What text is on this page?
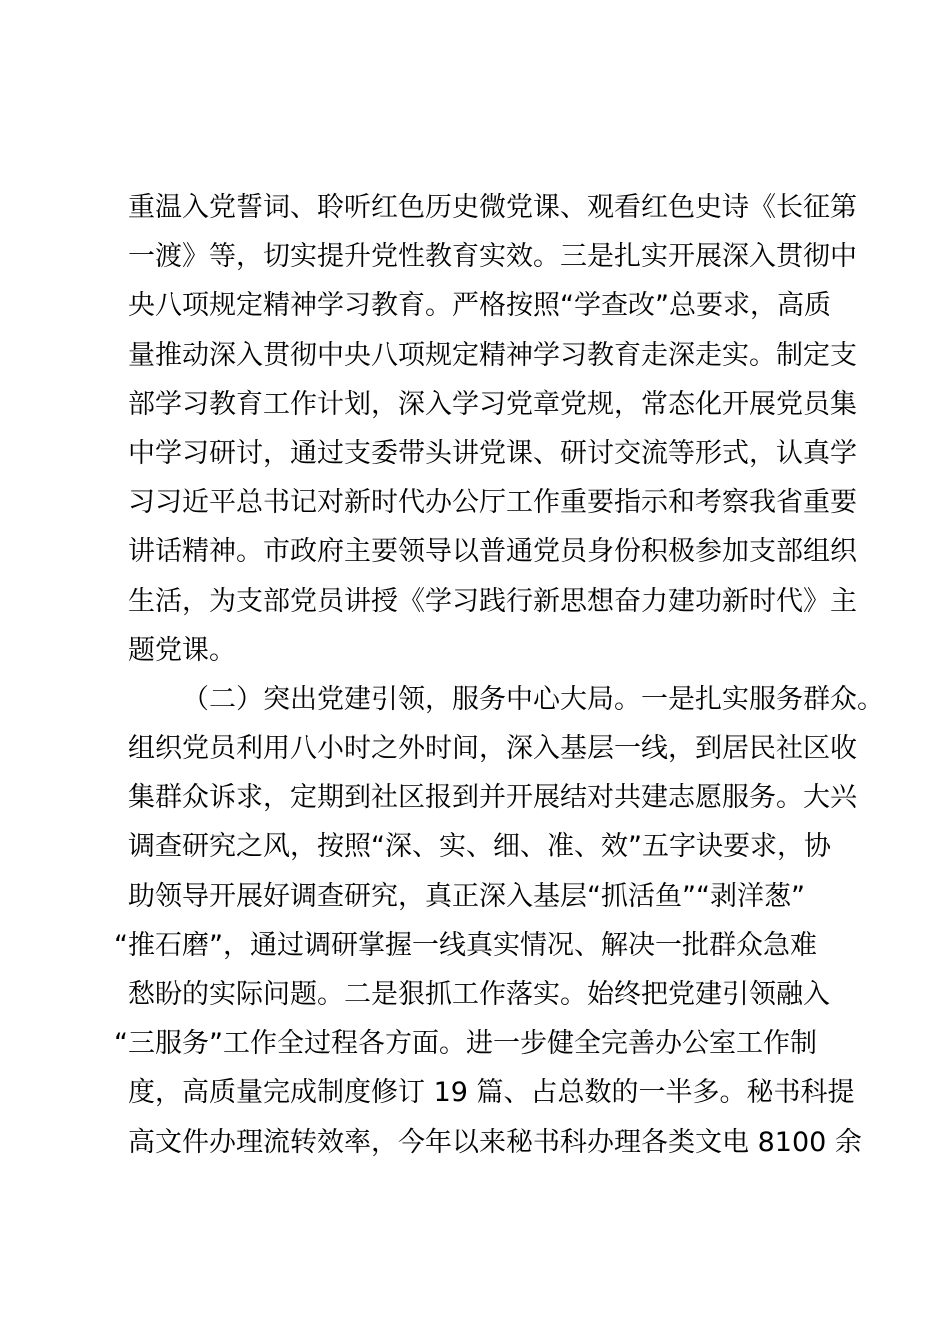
重温入党誓词、聆听红色历史微党课、观看红色史诗《长征第
一渡》等，切实提升党性教育实效。三是扎实开展深入贯彻中
央八项规定精神学习教育。严格按照“学查改”总要求，高质
量推动深入贯彻中央八项规定精神学习教育走深走实。制定支
部学习教育工作计划，深入学习党章党规，常态化开展党员集
中学习研讨，通过支委带头讲党课、研讨交流等形式，认真学
习习近平总书记对新时代办公厅工作重要指示和考察我省重要
讲话精神。市政府主要领导以普通党员身份积极参加支部组织
生活，为支部党员讲授《学习践行新思想奋力建功新时代》主
题党课。
（二）突出党建引领，服务中心大局。一是扎实服务群众。
组织党员利用八小时之外时间，深入基层一线，到居民社区收
集群众诉求，定期到社区报到并开展结对共建志愿服务。大兴
调查研究之风，按照“深、实、细、准、效”五字诀要求，协
助领导开展好调查研究，真正深入基层“抓活鱼”“剥洋葱”
“推石磨”，通过调研掌握一线真实情况、解决一批群众急难
愁盼的实际问题。二是狠抓工作落实。始终把党建引领融入
“三服务”工作全过程各方面。进一步健全完善办公室工作制
度，高质量完成制度修订 19 篇、占总数的一半多。秘书科提
高文件办理流转效率，今年以来秘书科办理各类文电 8100 余
